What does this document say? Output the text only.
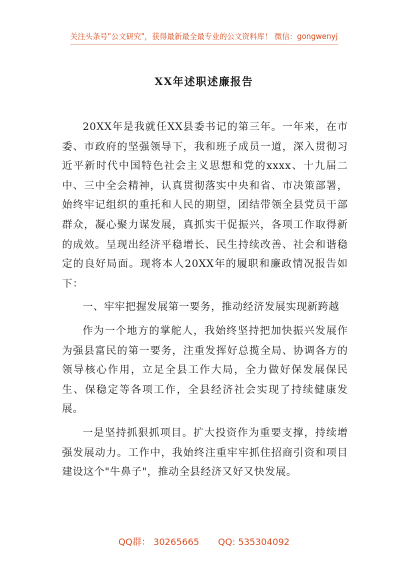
关注头条号"公文研究"，获得最新最全最专业的公文资料库！ 微信：gongwenyj
XX年述职述廉报告

20XX年是我就任XX县委书记的第三年。一年来，在市委、市政府的坚强领导下，我和班子成员一道，深入贯彻习近平新时代中国特色社会主义思想和党的xxxx、十九届二中、三中全会精神，认真贯彻落实中央和省、市决策部署，始终牢记组织的重托和人民的期望，团结带领全县党员干部群众，凝心聚力谋发展，真抓实干促振兴，各项工作取得新的成效。呈现出经济平稳增长、民生持续改善、社会和谐稳定的良好局面。现将本人20XX年的履职和廉政情况报告如下：

一、牢牢把握发展第一要务，推动经济发展实现新跨越

作为一个地方的掌舵人，我始终坚持把加快振兴发展作为强县富民的第一要务，注重发挥好总揽全局、协调各方的领导核心作用，立足全县工作大局，全力做好保发展保民生、保稳定等各项工作，全县经济社会实现了持续健康发展。

一是坚持抓狠抓项目。扩大投资作为重要支撑，持续增强发展动力。工作中，我始终注重牢牢抓住招商引资和项目建设这个"牛鼻子"，推动全县经济又好又快发展。

QQ群： 30265665 QQ: 535304092
